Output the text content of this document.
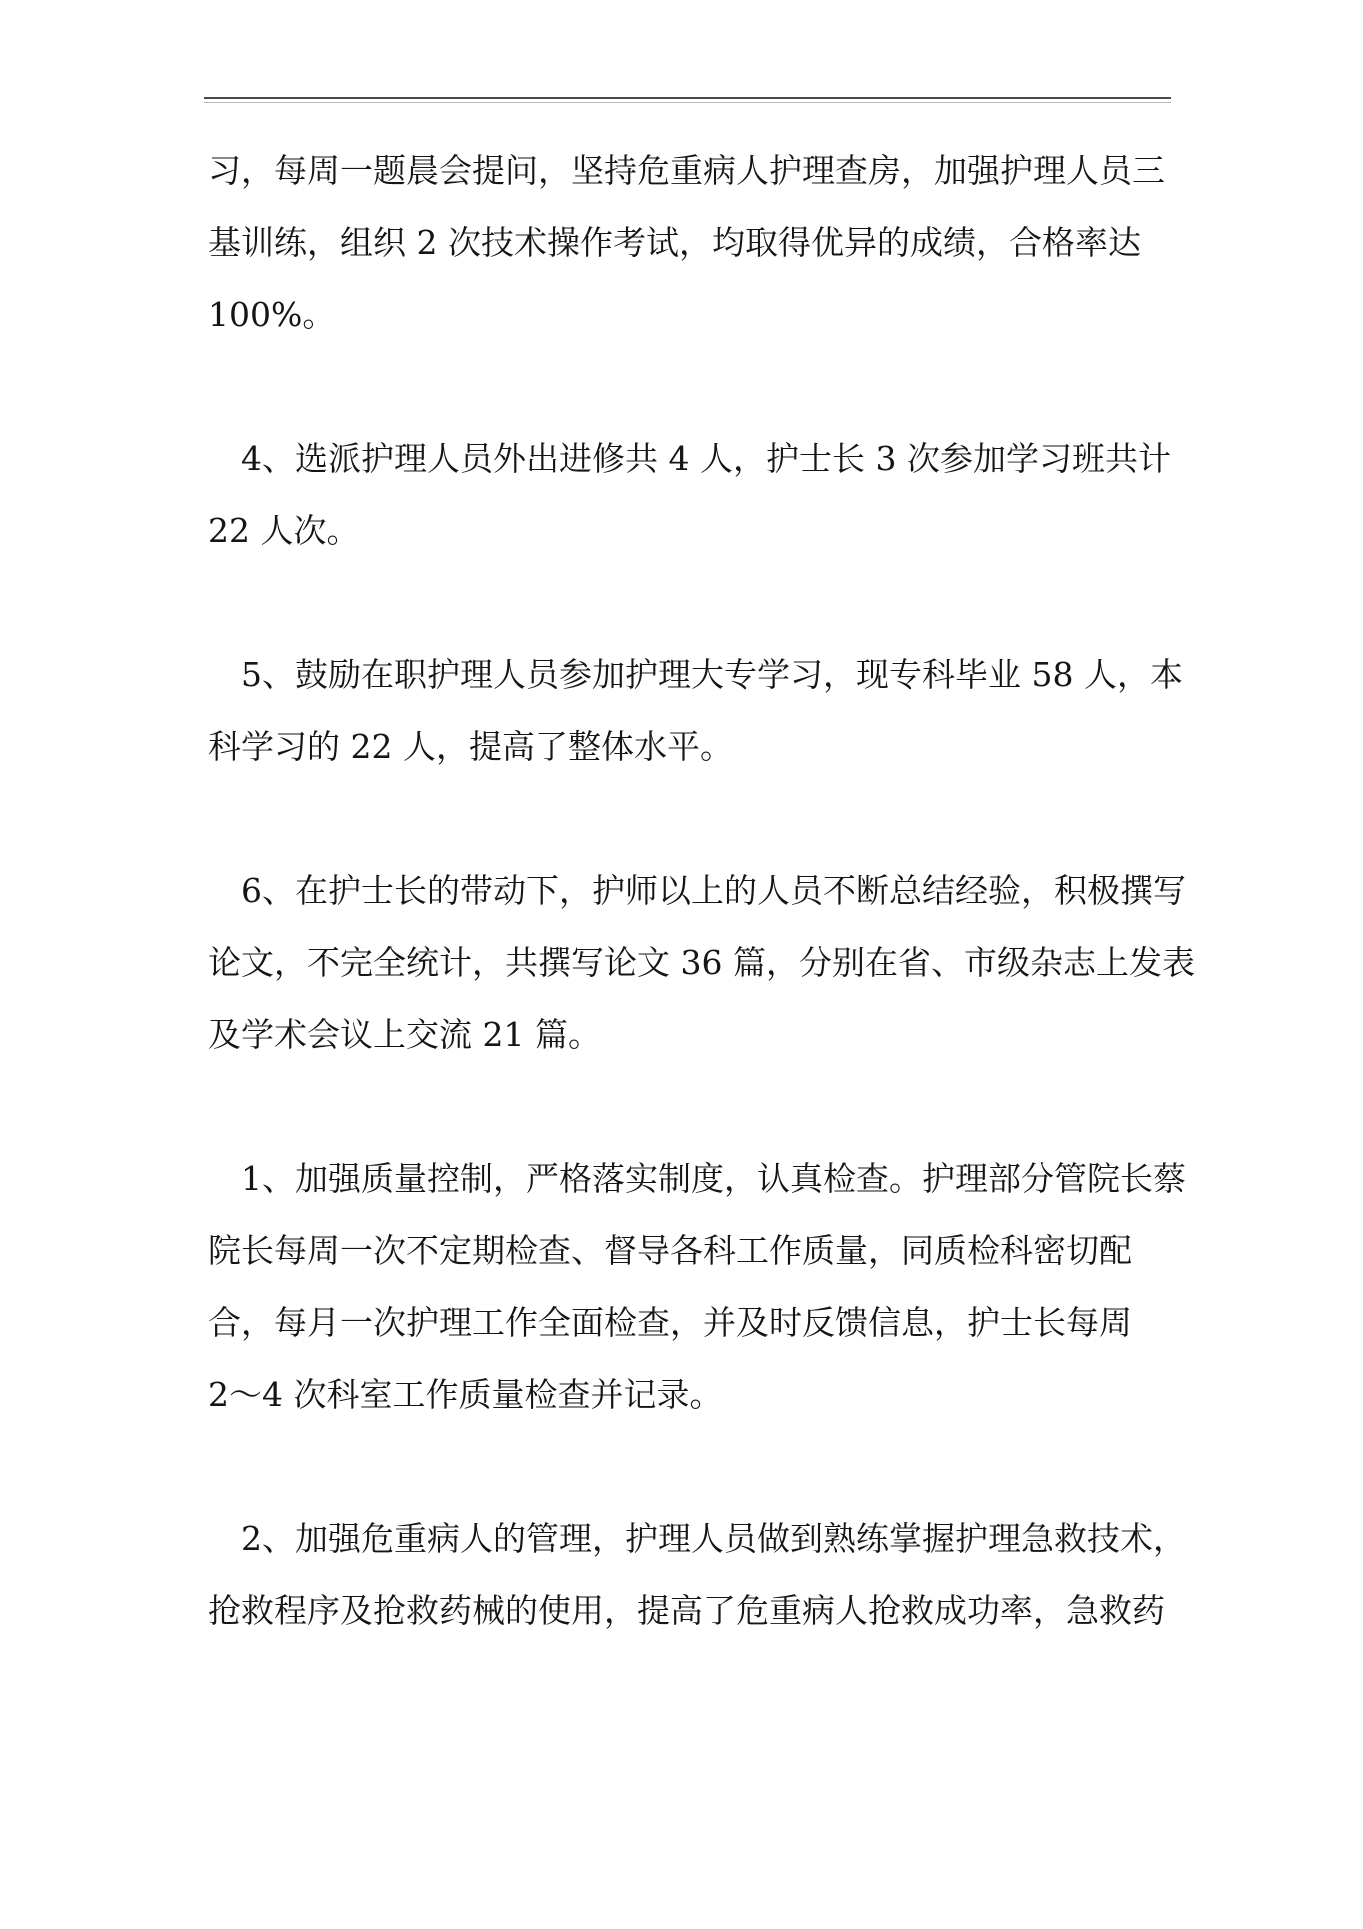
习，每周一题晨会提问，坚持危重病人护理查房，加强护理人员三
基训练，组织 2 次技术操作考试，均取得优异的成绩，合格率达
100%。
4、选派护理人员外出进修共 4 人，护士长 3 次参加学习班共计
22 人次。
5、鼓励在职护理人员参加护理大专学习，现专科毕业 58 人，本
科学习的 22 人，提高了整体水平。
6、在护士长的带动下，护师以上的人员不断总结经验，积极撰写
论文，不完全统计，共撰写论文 36 篇，分别在省、市级杂志上发表
及学术会议上交流 21 篇。
1、加强质量控制，严格落实制度，认真检查。护理部分管院长蔡
院长每周一次不定期检查、督导各科工作质量，同质检科密切配
合，每月一次护理工作全面检查，并及时反馈信息，护士长每周
2～4 次科室工作质量检查并记录。
2、加强危重病人的管理，护理人员做到熟练掌握护理急救技术，
抢救程序及抢救药械的使用，提高了危重病人抢救成功率，急救药
